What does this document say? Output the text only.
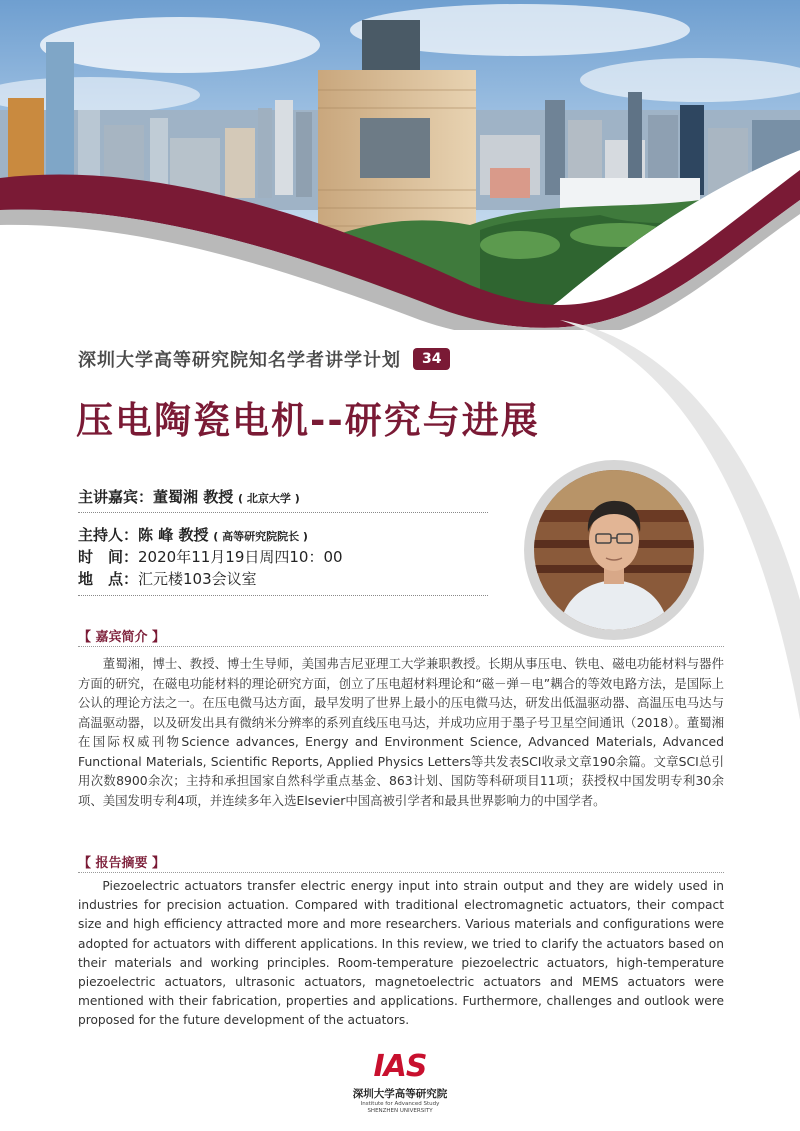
深圳大学高等研究院知名学者讲学计划	34
压电陶瓷电机--研究与进展
主讲嘉宾：董蜀湘 教授 ( 北京大学 )
主持人：陈 峰 教授 ( 高等研究院院长 )
时　间：2020年11月19日周四10：00
地　点：汇元楼103会议室
【 嘉宾简介 】

董蜀湘，博士、教授、博士生导师，美国弗吉尼亚理工大学兼职教授。长期从事压电、铁电、磁电功能材料与器件方面的研究，在磁电功能材料的理论研究方面，创立了压电超材料理论和“磁－弹－电”耦合的等效电路方法，是国际上公认的理论方法之一。在压电微马达方面，最早发明了世界上最小的压电微马达，研发出低温驱动器、高温压电马达与高温驱动器，以及研发出具有微纳米分辨率的系列直线压电马达，并成功应用于墨子号卫星空间通讯（2018）。董蜀湘在国际权威刊物Science advances, Energy and Environment Science, Advanced Materials, Advanced Functional Materials, Scientific Reports, Applied Physics Letters等共发表SCI收录文章190余篇。文章SCI总引用次数8900余次；主持和承担国家自然科学重点基金、863计划、国防等科研项目11项；获授权中国发明专利30余项、美国发明专利4项，并连续多年入选Elsevier中国高被引学者和最具世界影响力的中国学者。

【 报告摘要 】

Piezoelectric actuators transfer electric energy input into strain output and they are widely used in industries for precision actuation. Compared with traditional electromagnetic actuators, their compact size and high efficiency attracted more and more researchers. Various materials and configurations were adopted for actuators with different applications. In this review, we tried to clarify the actuators based on their materials and working principles. Room-temperature piezoelectric actuators, high-temperature piezoelectric actuators, ultrasonic actuators, magnetoelectric actuators and MEMS actuators were mentioned with their fabrication, properties and applications. Furthermore, challenges and outlook were proposed for the future development of the actuators.

IAS
深圳大学高等研究院
Institute for Advanced Study
SHENZHEN UNIVERSITY
